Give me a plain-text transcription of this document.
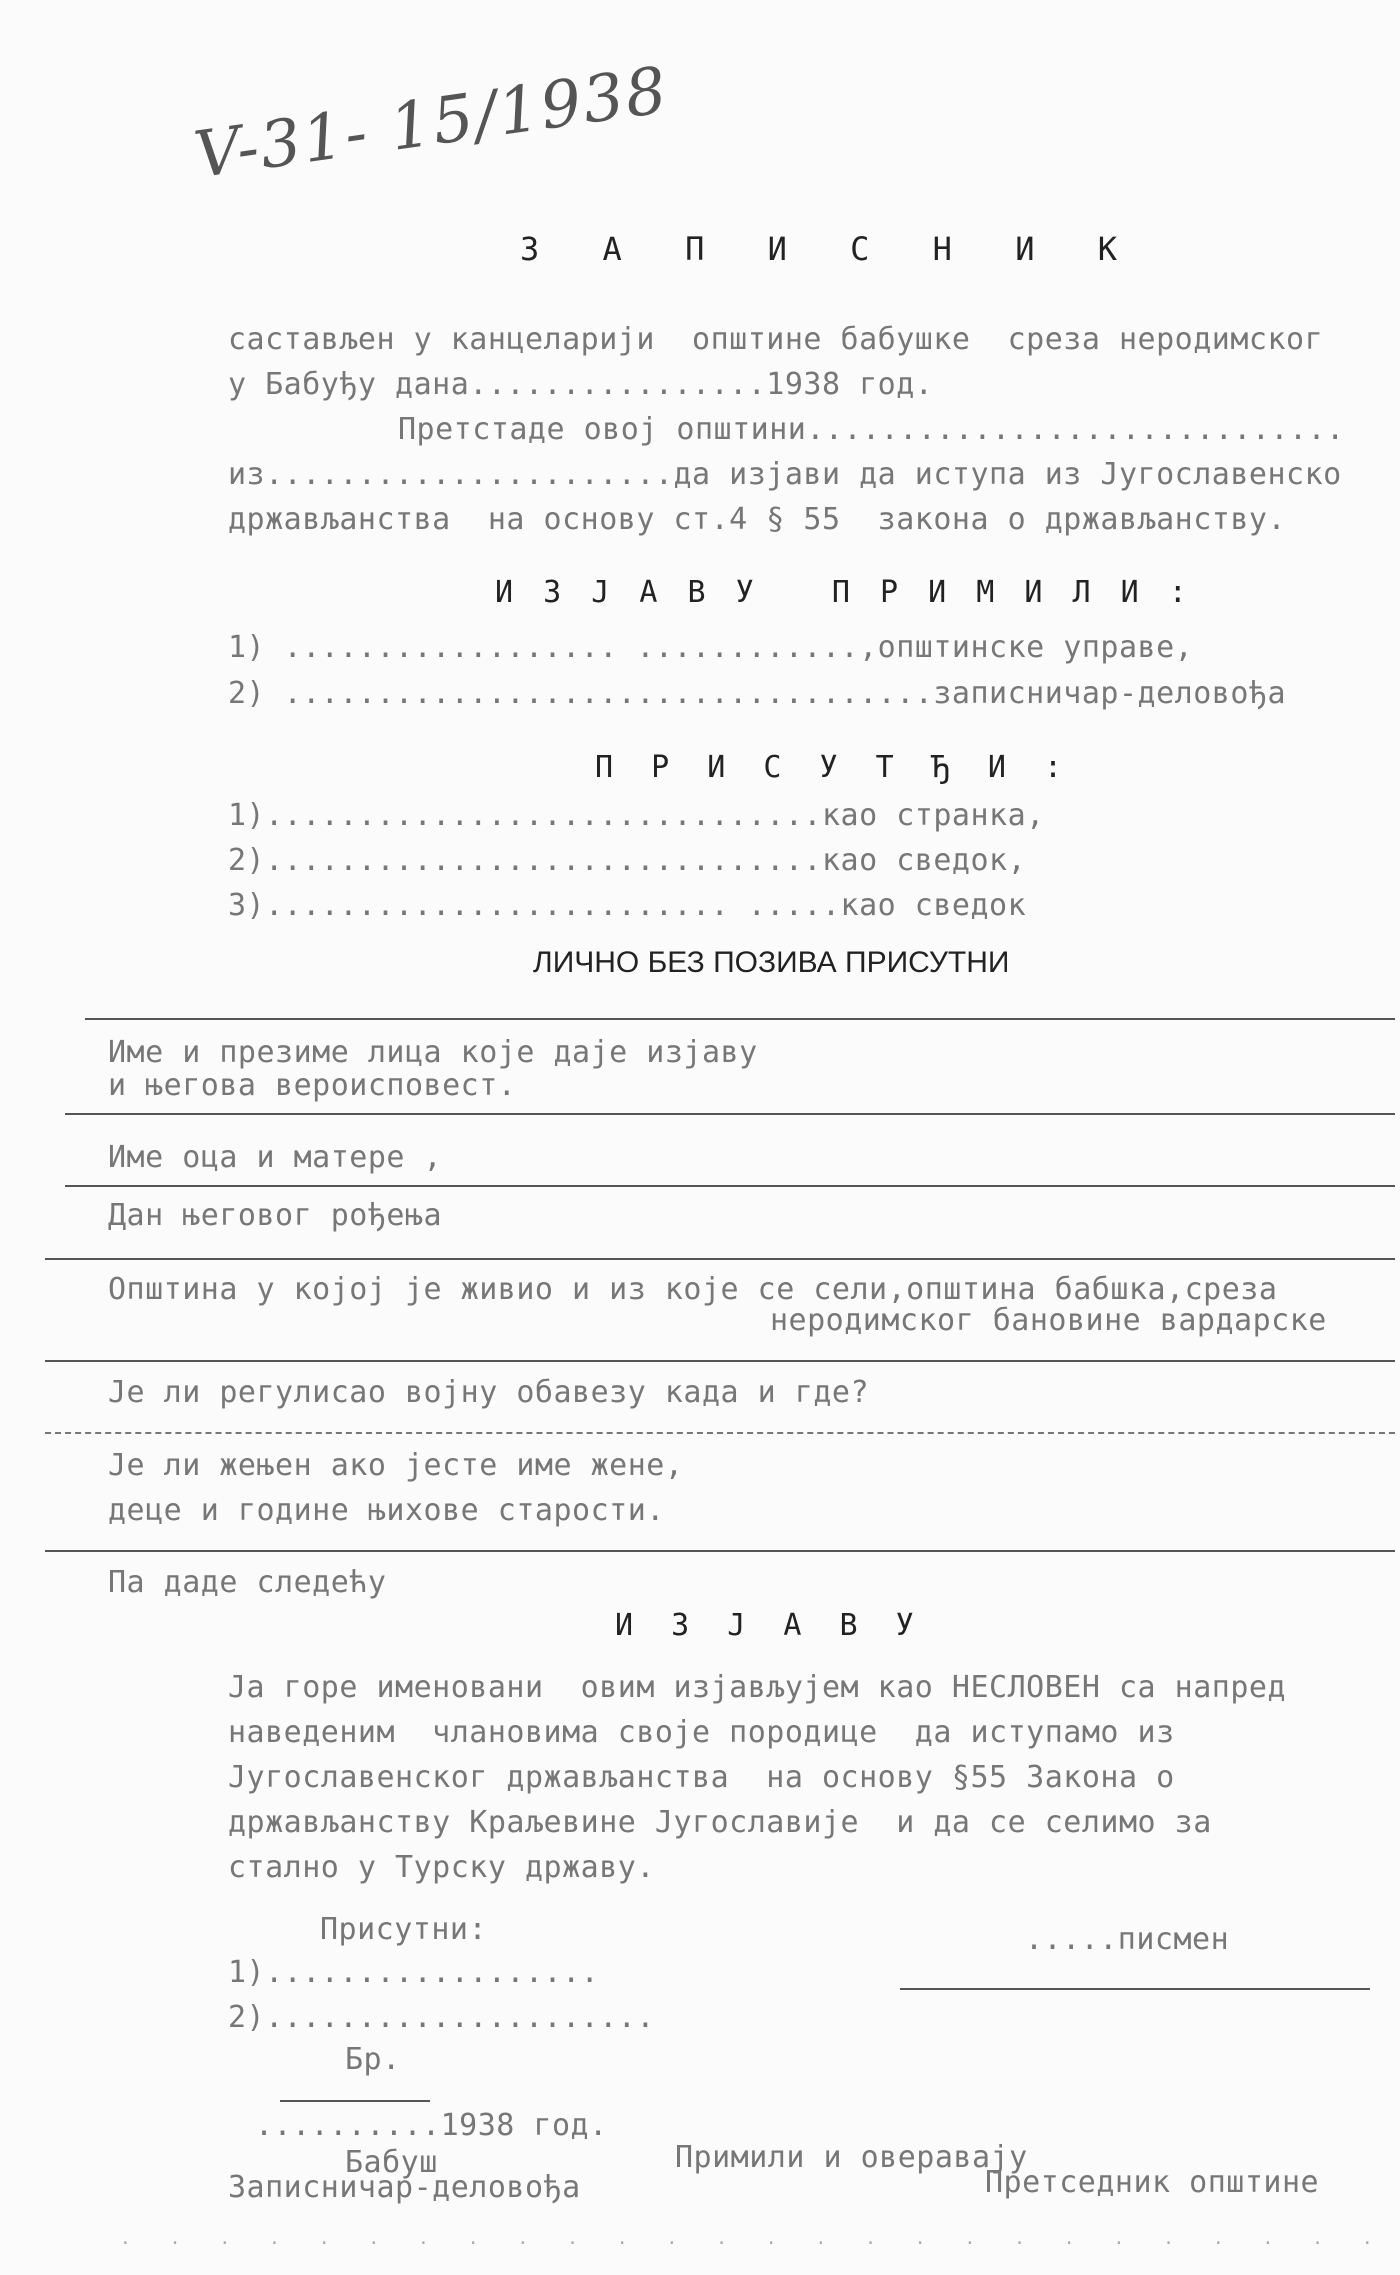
V-31- 15/1938
З А П И С Н И К
састављен у канцеларији  општине бабушке  среза неродимског
у Бабуђу дана................1938 год.
Претстаде овој општини.............................
из......................да изјави да иступа из Југославенско
држављанства  на основу ст.4 § 55  закона о држављанству.
И З Ј А В У   П Р И М И Л И :
1) .................. ............,општинске управе,
2) ...................................записничар-деловођа
П Р И С У Т Ђ И :
1)..............................као странка,
2)..............................као сведок,
3)......................... .....као сведок
ЛИЧНО БЕЗ ПОЗИВА ПРИСУТНИ
Име и презиме лица које даје изјаву
и његова вероисповест.
Име оца и матере ,
Дан његовог рођења
Општина у којој је живио и из које се сели,општина бабшка,среза
неродимског бановине вардарске
Је ли регулисао војну обавезу када и где?
Је ли жењен ако јесте име жене,
деце и године њихове старости.
Па даде следећу
И З Ј А В У
Ја горе именовани  овим изјављујем као НЕСЛОВЕН са напред
наведеним  члановима своје породице  да иступамо из
Југославенског држављанства  на основу §55 Закона о
држављанству Краљевине Југославије  и да се селимо за
стално у Турску државу.
Присутни:	.....писмен
1)..................
2).....................
Бр.
..........1938 год.
Бабуш
Записничар-деловођа
Примили и оверавају
Претседник општине
. . . . . . . . . . . . . . . . . . . . . . . . . .
